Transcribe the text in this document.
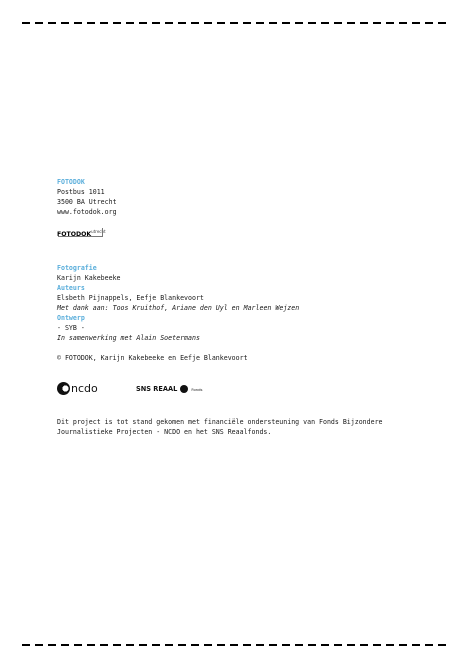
FOTODOK
Postbus 1011
3500 BA Utrecht
www.fotodok.org
$FOTODOK^{utrecht}$
Fotografie
Karijn Kakebeeke
Auteurs
Elsbeth Pijnappels, Eefje Blankevoort
Met dank aan: Toos Kruithof, Ariane den Uyl en Marleen Wejzen
Ontwerp
- SYB -
In samenwerking met Alain Soetermans
© FOTODOK, Karijn Kakebeeke en Eefje Blankevoort
ncdo	SNS REAAL	Fonds
Dit project is tot stand gekomen met financiële ondersteuning van Fonds Bijzondere
Journalistieke Projecten - NCDO en het SNS Reaalfonds.
